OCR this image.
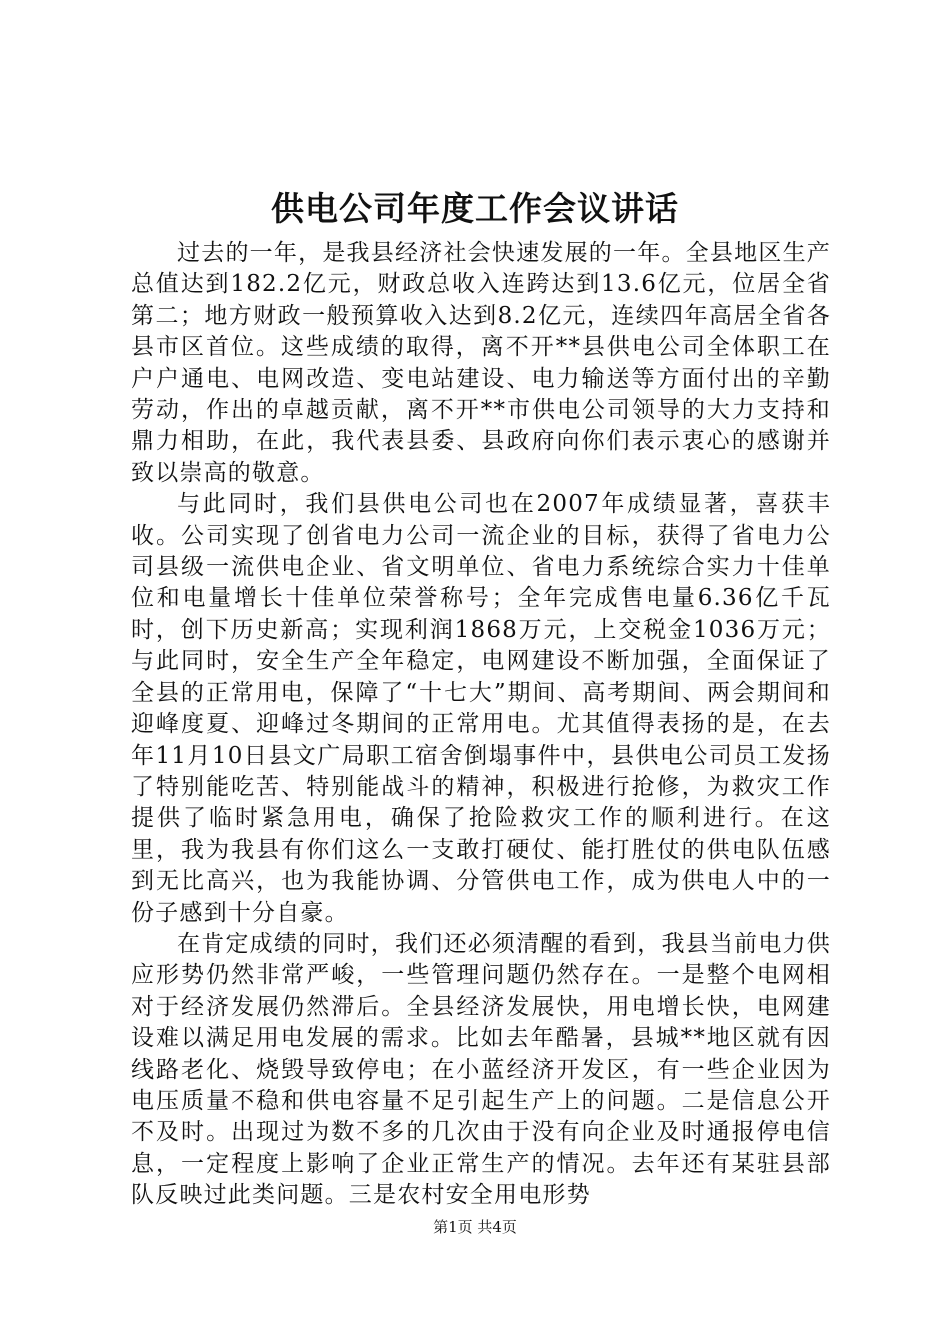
供电公司年度工作会议讲话

过去的一年，是我县经济社会快速发展的一年。全县地区生产总值达到182.2亿元，财政总收入连跨达到13.6亿元，位居全省第二；地方财政一般预算收入达到8.2亿元，连续四年高居全省各县市区首位。这些成绩的取得，离不开**县供电公司全体职工在户户通电、电网改造、变电站建设、电力输送等方面付出的辛勤劳动，作出的卓越贡献，离不开**市供电公司领导的大力支持和鼎力相助，在此，我代表县委、县政府向你们表示衷心的感谢并致以崇高的敬意。

与此同时，我们县供电公司也在2007年成绩显著，喜获丰收。公司实现了创省电力公司一流企业的目标，获得了省电力公司县级一流供电企业、省文明单位、省电力系统综合实力十佳单位和电量增长十佳单位荣誉称号；全年完成售电量6.36亿千瓦时，创下历史新高；实现利润1868万元，上交税金1036万元；与此同时，安全生产全年稳定，电网建设不断加强，全面保证了全县的正常用电，保障了“十七大”期间、高考期间、两会期间和迎峰度夏、迎峰过冬期间的正常用电。尤其值得表扬的是，在去年11月10日县文广局职工宿舍倒塌事件中，县供电公司员工发扬了特别能吃苦、特别能战斗的精神，积极进行抢修，为救灾工作提供了临时紧急用电，确保了抢险救灾工作的顺利进行。在这里，我为我县有你们这么一支敢打硬仗、能打胜仗的供电队伍感到无比高兴，也为我能协调、分管供电工作，成为供电人中的一份子感到十分自豪。

在肯定成绩的同时，我们还必须清醒的看到，我县当前电力供应形势仍然非常严峻，一些管理问题仍然存在。一是整个电网相对于经济发展仍然滞后。全县经济发展快，用电增长快，电网建设难以满足用电发展的需求。比如去年酷暑，县城**地区就有因线路老化、烧毁导致停电；在小蓝经济开发区，有一些企业因为电压质量不稳和供电容量不足引起生产上的问题。二是信息公开不及时。出现过为数不多的几次由于没有向企业及时通报停电信息，一定程度上影响了企业正常生产的情况。去年还有某驻县部队反映过此类问题。三是农村安全用电形势

第1页 共4页
